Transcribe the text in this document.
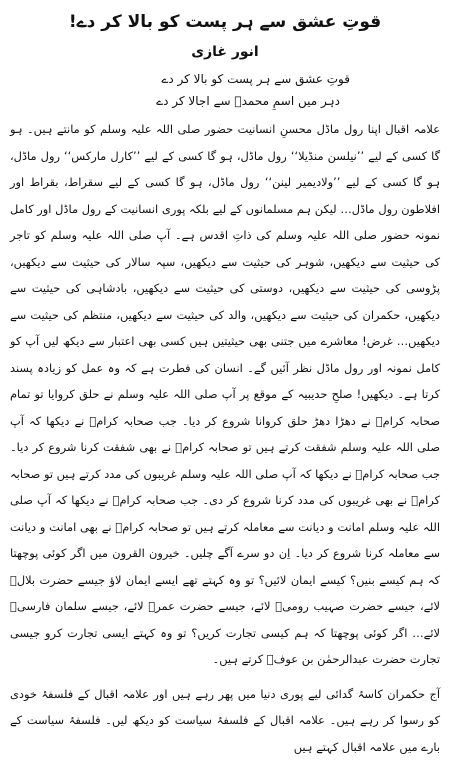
قوتِ عشق سے ہر پست کو بالا کر دے!
انور غازی
قوتِ عشق سے ہر پست کو بالا کر دے
دہر میں اسمِ محمدؐ سے اجالا کر دے

علامہ اقبال اپنا رول ماڈل محسنِ انسانیت حضور صلی اللہ علیہ وسلم کو مانتے ہیں۔ ہو گا کسی کے لیے ’’نیلسن منڈیلا‘‘ رول ماڈل، ہو گا کسی کے لیے ’’کارل مارکس‘‘ رول ماڈل، ہو گا کسی کے لیے ’’ولادیمیر لینن‘‘ رول ماڈل، ہو گا کسی کے لیے سقراط، بقراط اور افلاطون رول ماڈل… لیکن ہم مسلمانوں کے لیے بلکہ پوری انسانیت کے رول ماڈل اور کامل نمونہ حضور صلی اللہ علیہ وسلم کی ذاتِ اقدس ہے۔ آپ صلی اللہ علیہ وسلم کو تاجر کی حیثیت سے دیکھیں، شوہر کی حیثیت سے دیکھیں، سپہ سالار کی حیثیت سے دیکھیں، پڑوسی کی حیثیت سے دیکھیں، دوستی کی حیثیت سے دیکھیں، بادشاہی کی حیثیت سے دیکھیں، حکمران کی حیثیت سے دیکھیں، والد کی حیثیت سے دیکھیں، منتظم کی حیثیت سے دیکھیں… غرض! معاشرے میں جتنی بھی حیثیتیں ہیں کسی بھی اعتبار سے دیکھ لیں آپ کو کامل نمونہ اور رول ماڈل نظر آئیں گے۔ انسان کی فطرت ہے کہ وہ عمل کو زیادہ پسند کرتا ہے۔ دیکھیں! صلحِ حدیبیہ کے موقع پر آپ صلی اللہ علیہ وسلم نے حلق کروایا تو تمام صحابہ کرامؓ نے دھڑا دھڑ حلق کروانا شروع کر دیا۔ جب صحابہ کرامؓ نے دیکھا کہ آپ صلی اللہ علیہ وسلم شفقت کرتے ہیں تو صحابہ کرامؓ نے بھی شفقت کرنا شروع کر دیا۔ جب صحابہ کرامؓ نے دیکھا کہ آپ صلی اللہ علیہ وسلم غریبوں کی مدد کرتے ہیں تو صحابہ کرامؓ نے بھی غریبوں کی مدد کرنا شروع کر دی۔ جب صحابہ کرامؓ نے دیکھا کہ آپ صلی اللہ علیہ وسلم امانت و دیانت سے معاملہ کرتے ہیں تو صحابہ کرامؓ نے بھی امانت و دیانت سے معاملہ کرنا شروع کر دیا۔ اِن دو سرے آگے چلیں۔ خیرون القرون میں اگر کوئی پوچھتا کہ ہم کیسے بنیں؟ کیسے ایمان لائیں؟ تو وہ کہتے تھے ایسے ایمان لاؤ جیسے حضرت بلالؓ لائے، جیسے حضرت صہیب رومیؓ لائے، جیسے حضرت عمرؓ لائے، جیسے سلمان فارسیؓ لائے… اگر کوئی پوچھتا کہ ہم کیسی تجارت کریں؟ تو وہ کہتے ایسی تجارت کرو جیسی تجارت حضرت عبدالرحمٰن بن عوفؓ کرتے ہیں۔

آج حکمران کاسۂ گدائی لیے پوری دنیا میں پھر رہے ہیں اور علامہ اقبال کے فلسفۂ خودی کو رسوا کر رہے ہیں۔ علامہ اقبال کے فلسفۂ سیاست کو دیکھ لیں۔ فلسفۂ سیاست کے بارے میں علامہ اقبال کہتے ہیں
